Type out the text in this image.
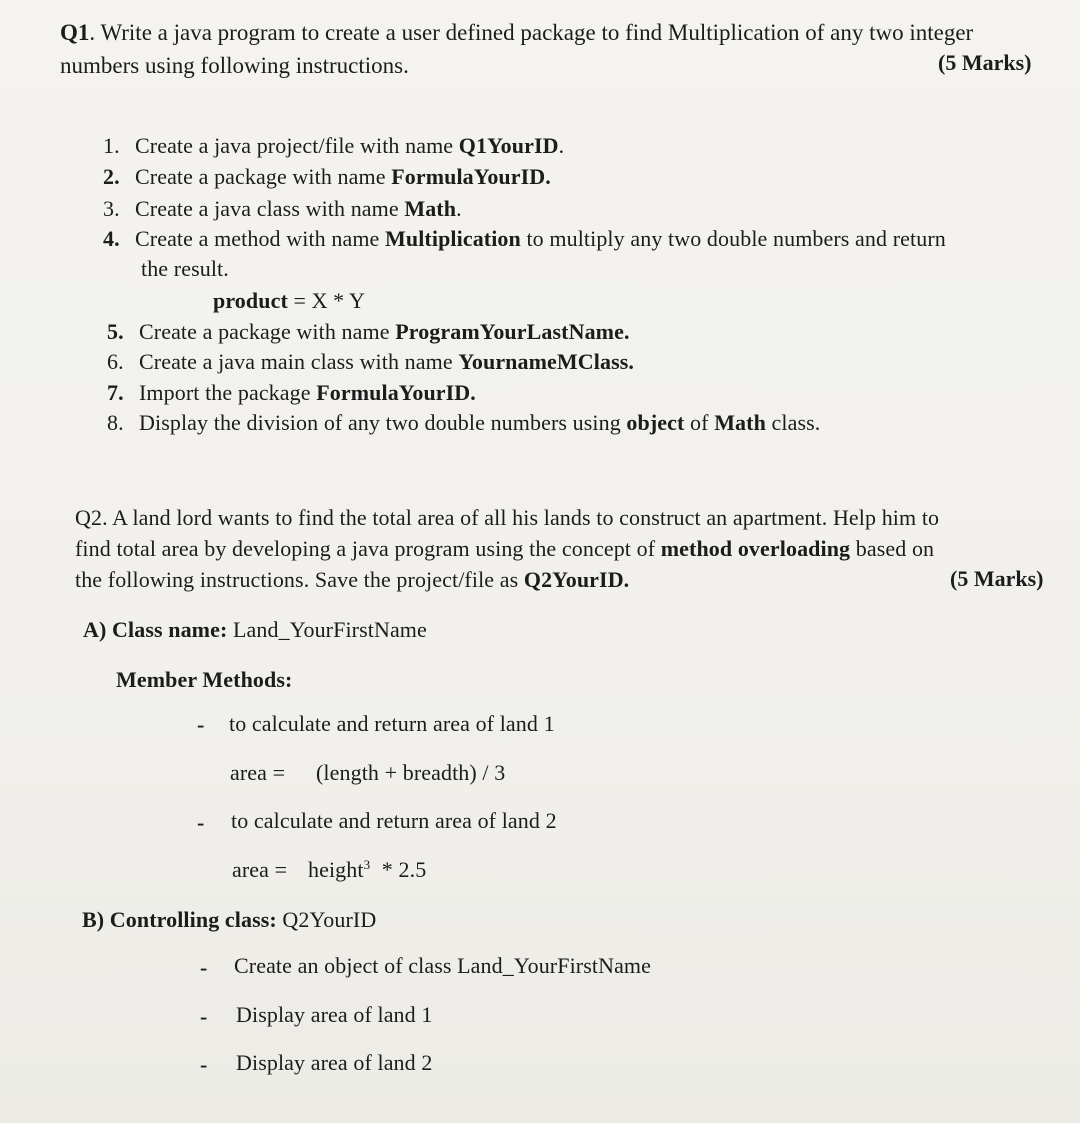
Q1. Write a java program to create a user defined package to find Multiplication of any two integer
numbers using following instructions.	(5 Marks)
1. Create a java project/file with name Q1YourID.
2. Create a package with name FormulaYourID.
3. Create a java class with name Math.
4. Create a method with name Multiplication to multiply any two double numbers and return
the result.
product = X * Y
5. Create a package with name ProgramYourLastName.
6. Create a java main class with name YournameMClass.
7. Import the package FormulaYourID.
8. Display the division of any two double numbers using object of Math class.
Q2. A land lord wants to find the total area of all his lands to construct an apartment. Help him to
find total area by developing a java program using the concept of method overloading based on
the following instructions. Save the project/file as Q2YourID.	(5 Marks)
A) Class name: Land_YourFirstName
Member Methods:
- to calculate and return area of land 1
area = (length + breadth) / 3
- to calculate and return area of land 2
area = height$^3$ * 2.5
B) Controlling class: Q2YourID
- Create an object of class Land_YourFirstName
- Display area of land 1
- Display area of land 2
